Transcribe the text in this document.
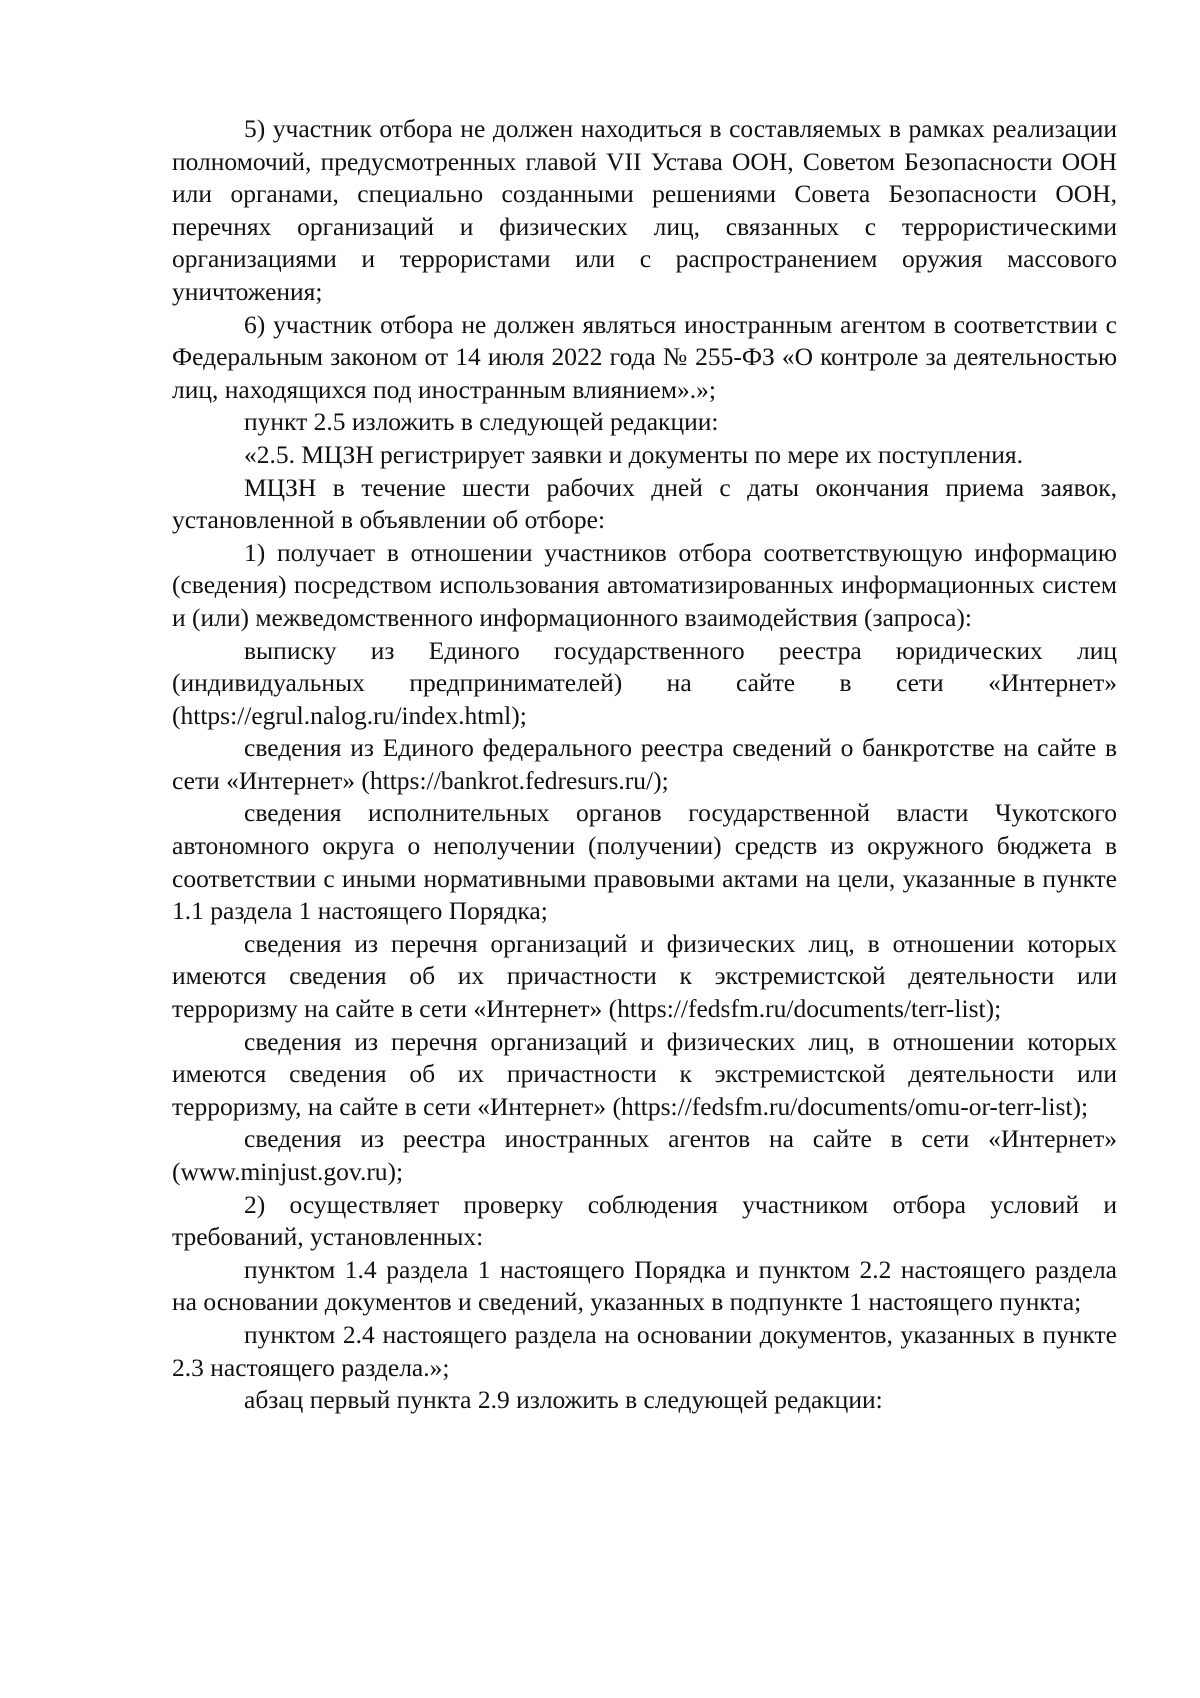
5) участник отбора не должен находиться в составляемых в рамках реализации полномочий, предусмотренных главой VII Устава ООН, Советом Безопасности ООН или органами, специально созданными решениями Совета Безопасности ООН, перечнях организаций и физических лиц, связанных с террористическими организациями и террористами или с распространением оружия массового уничтожения;

6) участник отбора не должен являться иностранным агентом в соответствии с Федеральным законом от 14 июля 2022 года № 255-ФЗ «О контроле за деятельностью лиц, находящихся под иностранным влиянием».»;

пункт 2.5 изложить в следующей редакции:

«2.5. МЦЗН регистрирует заявки и документы по мере их поступления.

МЦЗН в течение шести рабочих дней с даты окончания приема заявок, установленной в объявлении об отборе:

1) получает в отношении участников отбора соответствующую информацию (сведения) посредством использования автоматизированных информационных систем и (или) межведомственного информационного взаимодействия (запроса):

выписку из Единого государственного реестра юридических лиц (индивидуальных предпринимателей) на сайте в сети «Интернет» (https://egrul.nalog.ru/index.html);

сведения из Единого федерального реестра сведений о банкротстве на сайте в сети «Интернет» (https://bankrot.fedresurs.ru/);

сведения исполнительных органов государственной власти Чукотского автономного округа о неполучении (получении) средств из окружного бюджета в соответствии с иными нормативными правовыми актами на цели, указанные в пункте 1.1 раздела 1 настоящего Порядка;

сведения из перечня организаций и физических лиц, в отношении которых имеются сведения об их причастности к экстремистской деятельности или терроризму на сайте в сети «Интернет» (https://fedsfm.ru/documents/terr-list);

сведения из перечня организаций и физических лиц, в отношении которых имеются сведения об их причастности к экстремистской деятельности или терроризму, на сайте в сети «Интернет» (https://fedsfm.ru/documents/omu-or-terr-list);

сведения из реестра иностранных агентов на сайте в сети «Интернет» (www.minjust.gov.ru);

2) осуществляет проверку соблюдения участником отбора условий и требований, установленных:

пунктом 1.4 раздела 1 настоящего Порядка и пунктом 2.2 настоящего раздела на основании документов и сведений, указанных в подпункте 1 настоящего пункта;

пунктом 2.4 настоящего раздела на основании документов, указанных в пункте 2.3 настоящего раздела.»;

абзац первый пункта 2.9 изложить в следующей редакции:
